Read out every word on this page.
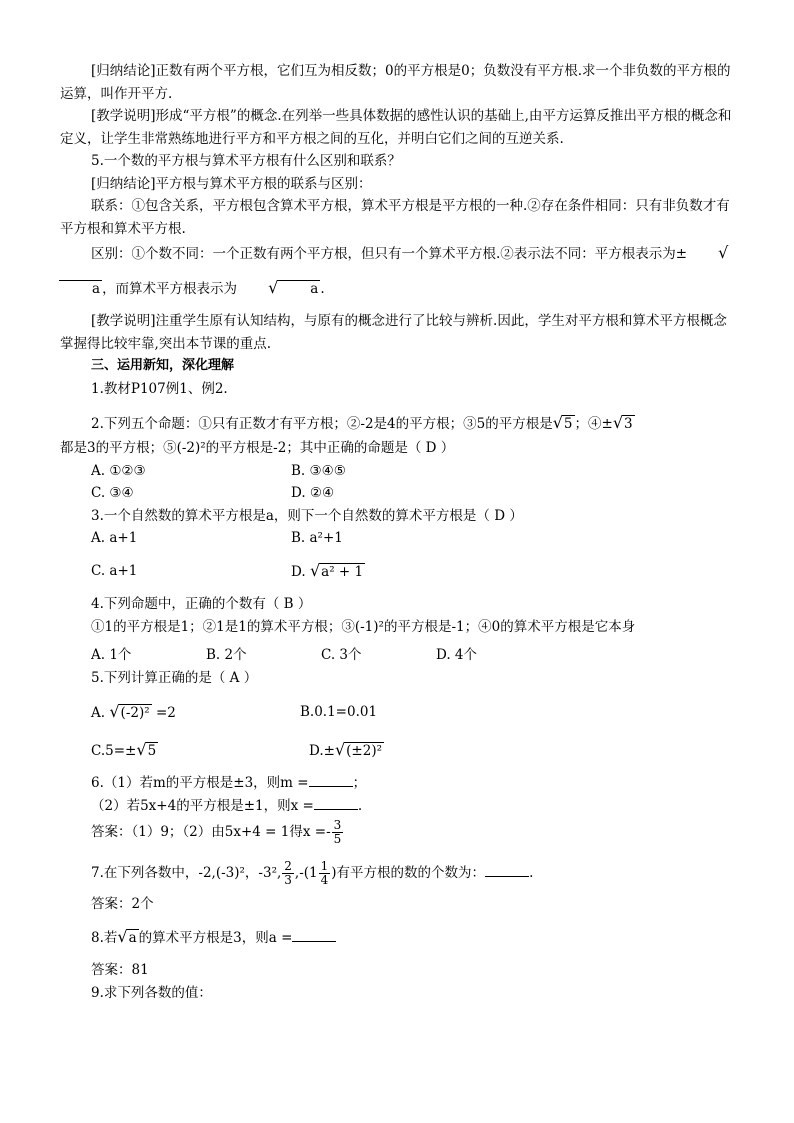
[归纳结论]正数有两个平方根，它们互为相反数；0的平方根是0；负数没有平方根.求一个非负数的平方根的运算，叫作开平方.

[教学说明]形成“平方根”的概念.在列举一些具体数据的感性认识的基础上,由平方运算反推出平方根的概念和定义，让学生非常熟练地进行平方和平方根之间的互化，并明白它们之间的互逆关系.

5.一个数的平方根与算术平方根有什么区别和联系？

[归纳结论]平方根与算术平方根的联系与区别：

联系：①包含关系，平方根包含算术平方根，算术平方根是平方根的一种.②存在条件相同：只有非负数才有平方根和算术平方根.

区别：①个数不同：一个正数有两个平方根，但只有一个算术平方根.②表示法不同：平方根表示为± √a ，而算术平方根表示为 √ a .

[教学说明]注重学生原有认知结构，与原有的概念进行了比较与辨析.因此，学生对平方根和算术平方根概念掌握得比较牢靠,突出本节课的重点.

三、运用新知，深化理解

1.教材P107例1、例2.

2.下列五个命题：①只有正数才有平方根；②-2是4的平方根；③5的平方根是√5 ；④±√3

都是3的平方根；⑤(-2)²的平方根是-2；其中正确的命题是（ D ）

A. ①②③	B. ③④⑤
C. ③④	D. ②④

3.一个自然数的算术平方根是a，则下一个自然数的算术平方根是（ D ）

A. a+1	B. a²+1
C. a+1	D. √a² + 1

4.下列命题中，正确的个数有（ B ）

①1的平方根是1；②1是1的算术平方根；③(-1)²的平方根是-1；④0的算术平方根是它本身

A. 1个	B. 2个	C. 3个	D. 4个

5.下列计算正确的是（ A ）

A. √(-2)² =2	B.0.1=0.01
C.5=±√5	D.±√(±2)²

6.（1）若m的平方根是±3，则m =	；

（2）若5x+4的平方根是±1，则x =	.

答案：（1）9；（2）由5x+4 = 1得$x =- \frac{3}{5}$

7.在下列各数中，-2,(-3)²，-3², $\frac{2}{3} ,-(1 \frac{1}{4}$ )有平方根的数的个数为：	.

答案：2个

8.若√a 的算术平方根是3，则a =

答案：81

9.求下列各数的值：
